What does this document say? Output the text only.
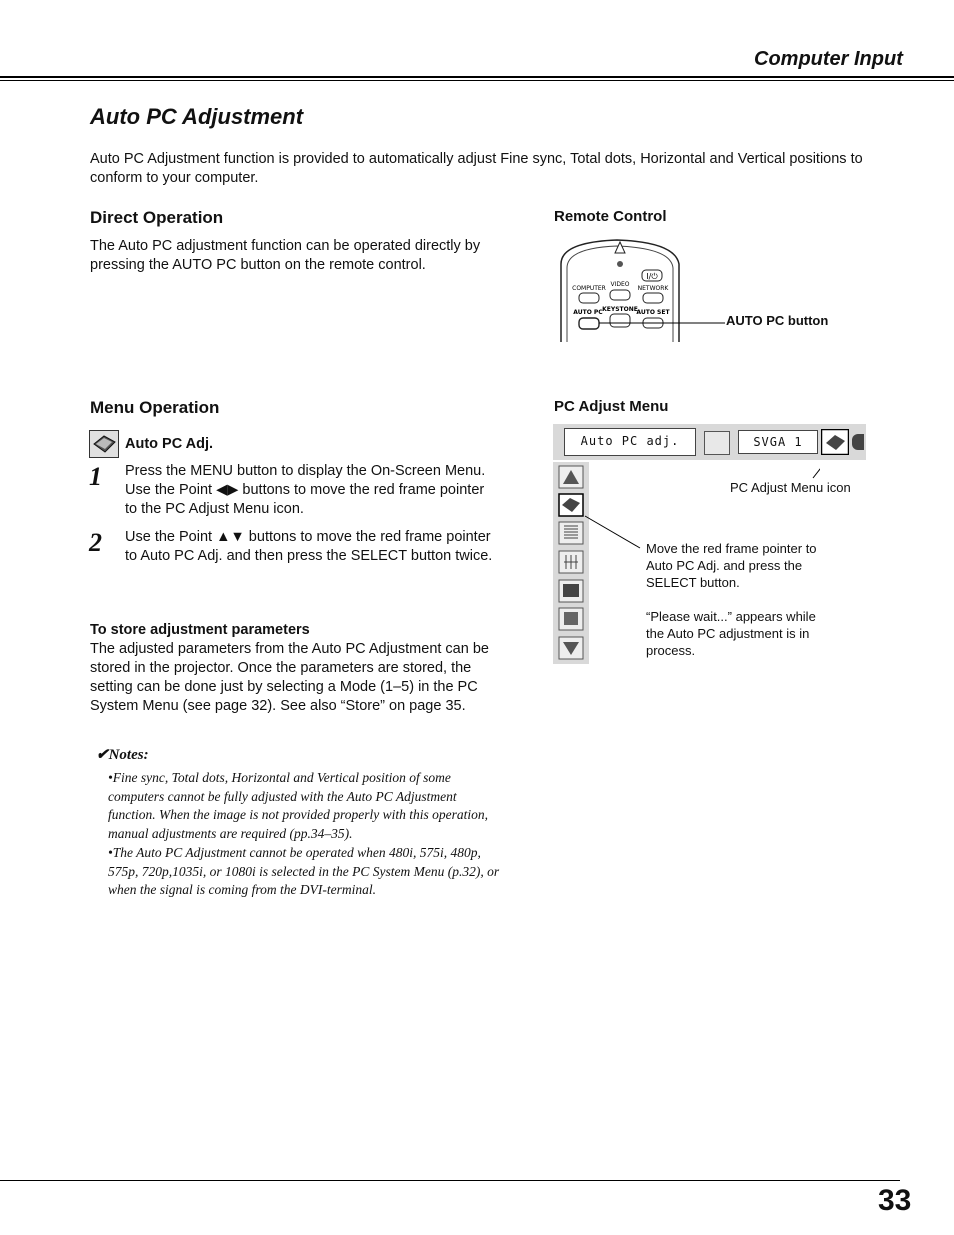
Computer Input
Auto PC Adjustment
Auto PC Adjustment function is provided to automatically adjust Fine sync, Total dots, Horizontal and Vertical positions to conform to your computer.
Direct Operation
The Auto PC adjustment function can be operated directly by pressing the AUTO PC button on the remote control.
Remote Control
I/⏻
COMPUTER
VIDEO
NETWORK
AUTO PC KEYSTONE
AUTO SET
AUTO PC button
Menu Operation
Auto PC Adj.
1 Press the MENU button to display the On-Screen Menu. Use the Point ◀▶ buttons to move the red frame pointer to the PC Adjust Menu icon.
2 Use the Point ▲▼ buttons to move the red frame pointer to Auto PC Adj. and then press the SELECT button twice.
To store adjustment parameters
The adjusted parameters from the Auto PC Adjustment can be stored in the projector. Once the parameters are stored, the setting can be done just by selecting a Mode (1–5) in the PC System Menu (see page 32). See also “Store” on page 35.
✔Notes:
•Fine sync, Total dots, Horizontal and Vertical position of some computers cannot be fully adjusted with the Auto PC Adjustment function. When the image is not provided properly with this operation, manual adjustments are required (pp.34–35).
•The Auto PC Adjustment cannot be operated when 480i, 575i, 480p, 575p, 720p,1035i, or 1080i is selected in the PC System Menu (p.32), or when the signal is coming from the DVI-terminal.
PC Adjust Menu
Auto PC adj.	SVGA 1
PC Adjust Menu icon
Move the red frame pointer to Auto PC Adj. and press the SELECT button.
“Please wait...” appears while the Auto PC adjustment is in process.
33
